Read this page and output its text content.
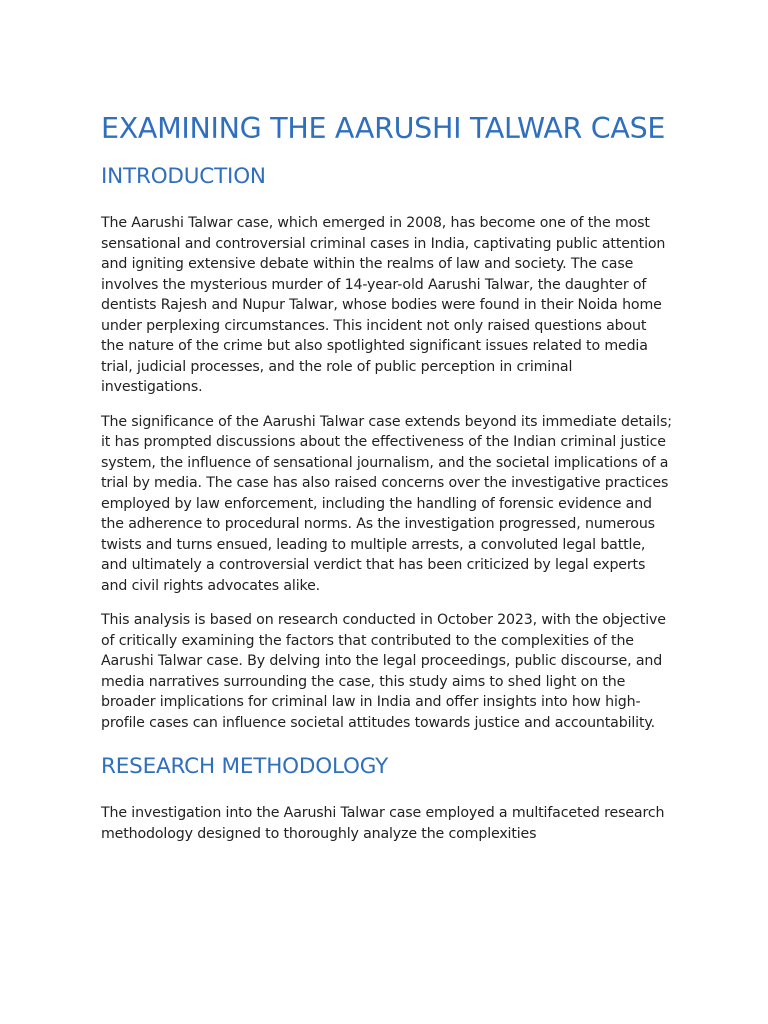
EXAMINING THE AARUSHI TALWAR CASE
INTRODUCTION

The Aarushi Talwar case, which emerged in 2008, has become one of the most sensational and controversial criminal cases in India, captivating public attention and igniting extensive debate within the realms of law and society. The case involves the mysterious murder of 14-year-old Aarushi Talwar, the daughter of dentists Rajesh and Nupur Talwar, whose bodies were found in their Noida home under perplexing circumstances. This incident not only raised questions about the nature of the crime but also spotlighted significant issues related to media trial, judicial processes, and the role of public perception in criminal investigations.

The significance of the Aarushi Talwar case extends beyond its immediate details; it has prompted discussions about the effectiveness of the Indian criminal justice system, the influence of sensational journalism, and the societal implications of a trial by media. The case has also raised concerns over the investigative practices employed by law enforcement, including the handling of forensic evidence and the adherence to procedural norms. As the investigation progressed, numerous twists and turns ensued, leading to multiple arrests, a convoluted legal battle, and ultimately a controversial verdict that has been criticized by legal experts and civil rights advocates alike.

This analysis is based on research conducted in October 2023, with the objective of critically examining the factors that contributed to the complexities of the Aarushi Talwar case. By delving into the legal proceedings, public discourse, and media narratives surrounding the case, this study aims to shed light on the broader implications for criminal law in India and offer insights into how high-profile cases can influence societal attitudes towards justice and accountability.

RESEARCH METHODOLOGY

The investigation into the Aarushi Talwar case employed a multifaceted research methodology designed to thoroughly analyze the complexities
